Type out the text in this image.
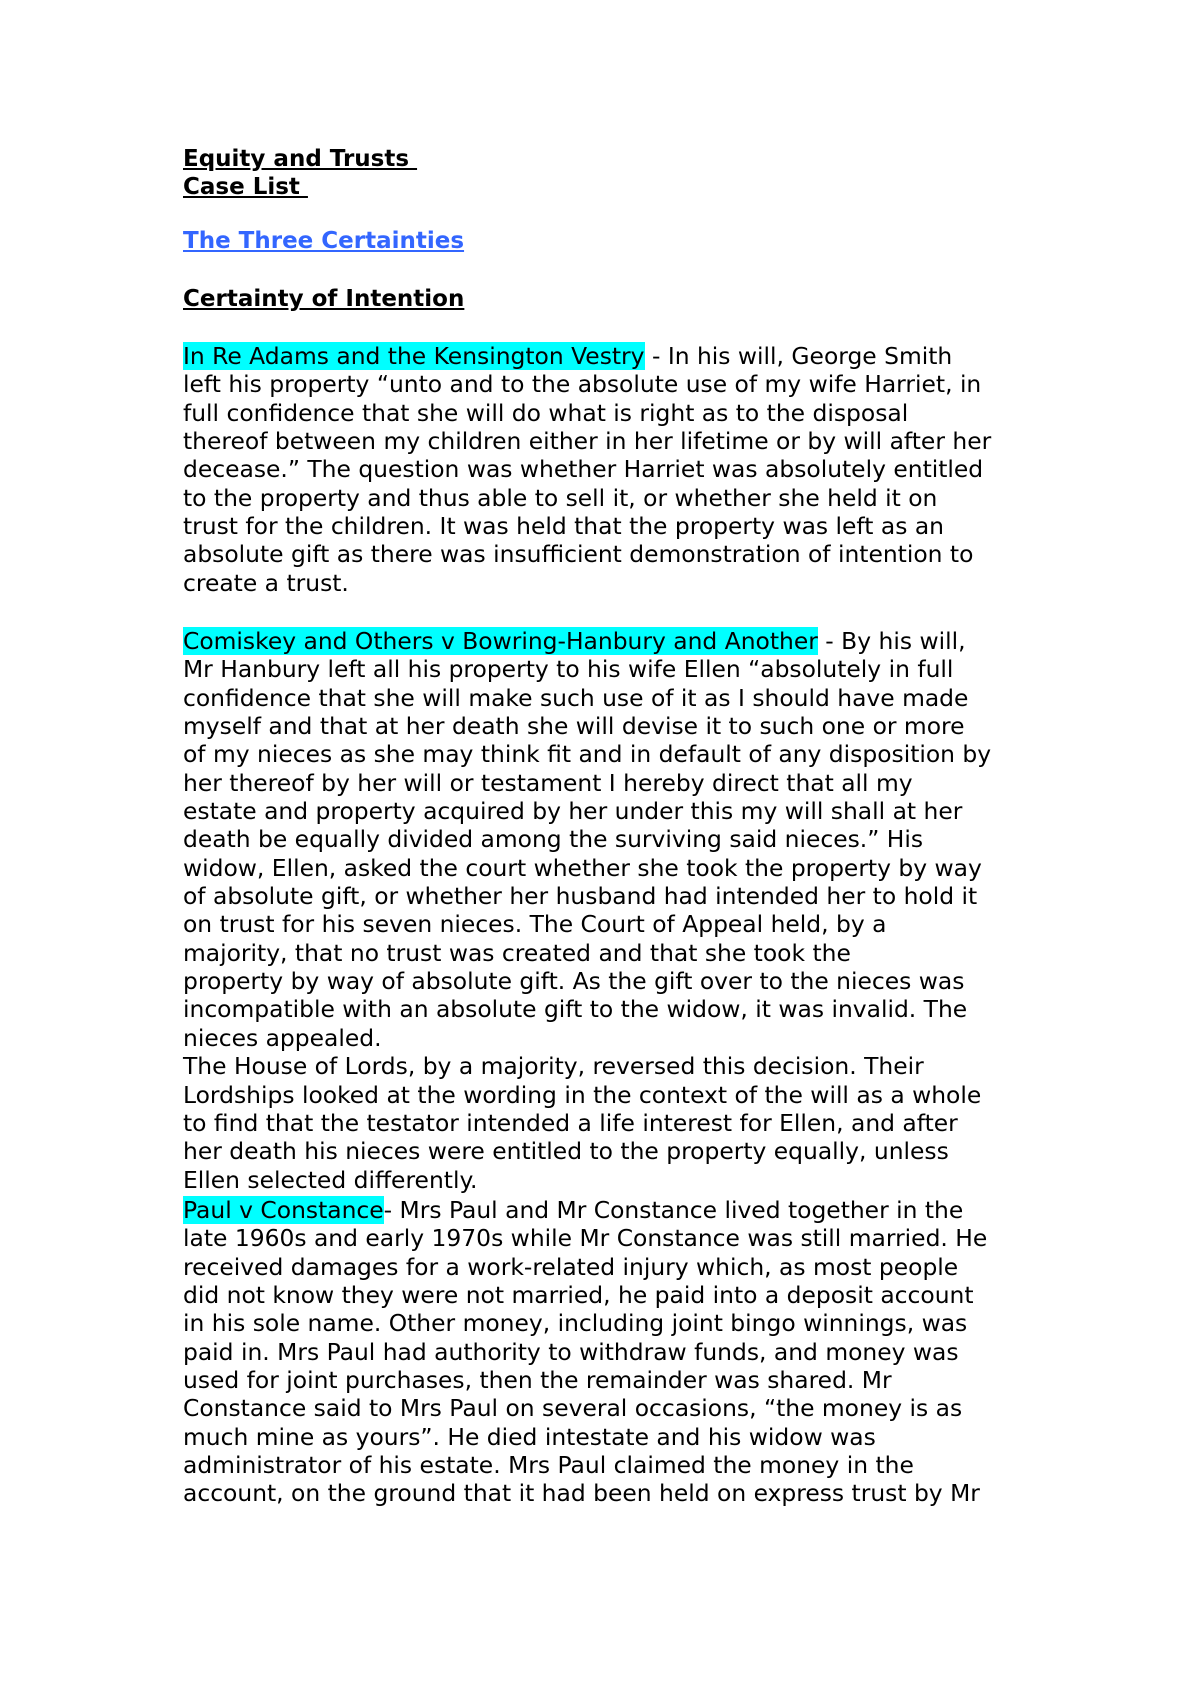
Equity and Trusts
Case List
The Three Certainties
Certainty of Intention
In Re Adams and the Kensington Vestry - In his will, George Smith
left his property “unto and to the absolute use of my wife Harriet, in
full confidence that she will do what is right as to the disposal
thereof between my children either in her lifetime or by will after her
decease.” The question was whether Harriet was absolutely entitled
to the property and thus able to sell it, or whether she held it on
trust for the children. It was held that the property was left as an
absolute gift as there was insufficient demonstration of intention to
create a trust.
Comiskey and Others v Bowring-Hanbury and Another - By his will,
Mr Hanbury left all his property to his wife Ellen “absolutely in full
confidence that she will make such use of it as I should have made
myself and that at her death she will devise it to such one or more
of my nieces as she may think fit and in default of any disposition by
her thereof by her will or testament I hereby direct that all my
estate and property acquired by her under this my will shall at her
death be equally divided among the surviving said nieces.” His
widow, Ellen, asked the court whether she took the property by way
of absolute gift, or whether her husband had intended her to hold it
on trust for his seven nieces. The Court of Appeal held, by a
majority, that no trust was created and that she took the
property by way of absolute gift. As the gift over to the nieces was
incompatible with an absolute gift to the widow, it was invalid. The
nieces appealed.
The House of Lords, by a majority, reversed this decision. Their
Lordships looked at the wording in the context of the will as a whole
to find that the testator intended a life interest for Ellen, and after
her death his nieces were entitled to the property equally, unless
Ellen selected differently.
Paul v Constance- Mrs Paul and Mr Constance lived together in the
late 1960s and early 1970s while Mr Constance was still married. He
received damages for a work-related injury which, as most people
did not know they were not married, he paid into a deposit account
in his sole name. Other money, including joint bingo winnings, was
paid in. Mrs Paul had authority to withdraw funds, and money was
used for joint purchases, then the remainder was shared. Mr
Constance said to Mrs Paul on several occasions, “the money is as
much mine as yours”. He died intestate and his widow was
administrator of his estate. Mrs Paul claimed the money in the
account, on the ground that it had been held on express trust by Mr
